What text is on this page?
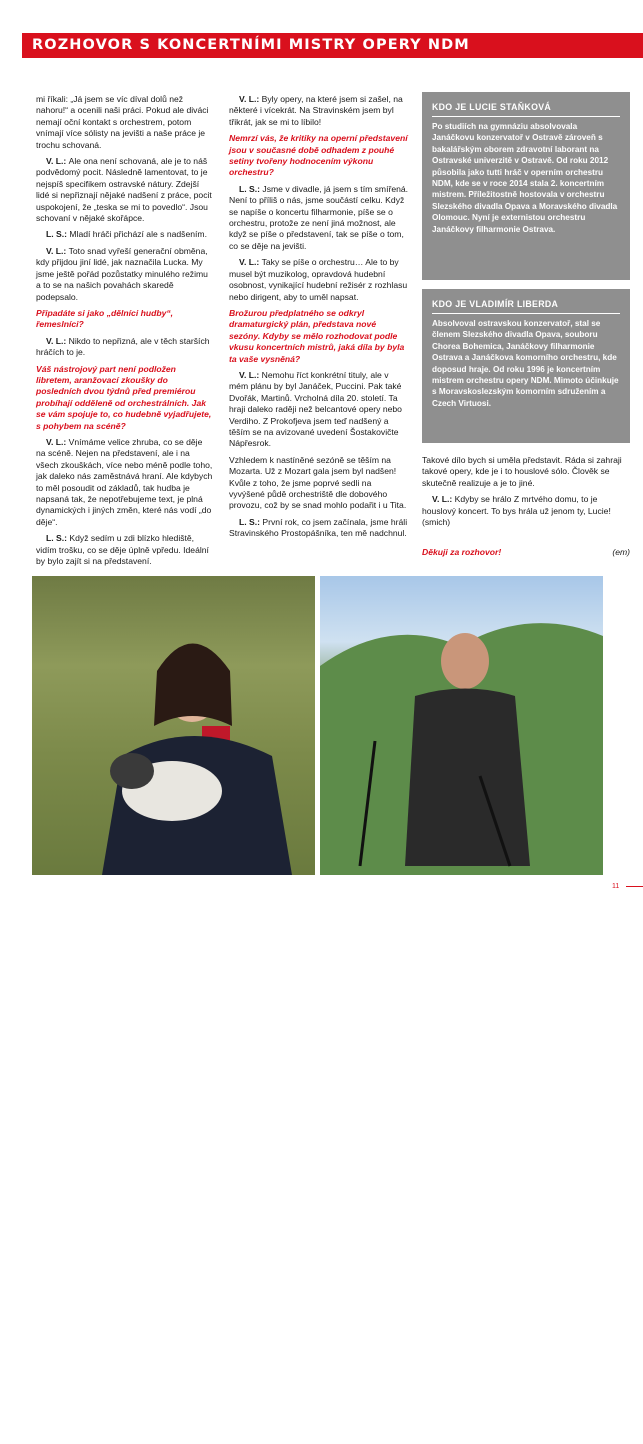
ROZHOVOR S KONCERTNÍMI MISTRY OPERY NDM

mi říkali: „Já jsem se víc díval dolů než nahoru!“ a ocenili naši práci. Pokud ale diváci nemají oční kontakt s orchestrem, potom vnímají více sólisty na jevišti a naše práce je trochu schovaná.

V. L.: Ale ona není schovaná, ale je to náš podvědomý pocit. Následně lamentovat, to je nejspíš specifikem ostravské nátury. Zdejší lidé si nepřiznají nějaké nadšení z práce, pocit uspokojení, že „teska se mi to povedlo“. Jsou schovaní v nějaké skořápce.

L. S.: Mladí hráči přichází ale s nadšením.

V. L.: Toto snad vyřeší generační obměna, kdy přijdou jiní lidé, jak naznačila Lucka. My jsme ještě pořád pozůstatky minulého režimu a to se na našich povahách skaredě podepsalo.

Připadáte si jako „dělníci hudby“, řemeslníci?

V. L.: Nikdo to nepřizná, ale v těch starších hráčích to je.

Váš nástrojový part není podložen libretem, aranžovací zkoušky do posledních dvou týdnů před premiérou probíhají odděleně od orchestrálních. Jak se vám spojuje to, co hudebně vyjadřujete, s pohybem na scéně?

V. L.: Vnímáme velice zhruba, co se děje na scéně. Nejen na představení, ale i na všech zkouškách, více nebo méně podle toho, jak daleko nás zaměstnává hraní. Ale kdybych to měl posoudit od základů, tak hudba je napsaná tak, že nepotřebujeme text, je plná dynamických i jiných změn, které nás vodí „do děje“.

L. S.: Když sedím u zdi blízko hlediště, vidím trošku, co se děje úplně vpředu. Ideální by bylo zajít si na představení.

V. L.: Byly opery, na které jsem si zašel, na některé i vícekrát. Na Stravinském jsem byl třikrát, jak se mi to líbilo!

Nemrzí vás, že kritiky na operní představení jsou v současné době odhadem z pouhé setiny tvořeny hodnocením výkonu orchestru?

L. S.: Jsme v divadle, já jsem s tím smířená. Není to příliš o nás, jsme součástí celku. Když se napíše o koncertu filharmonie, píše se o orchestru, protože ze není jiná možnost, ale když se píše o představení, tak se píše o tom, co se děje na jevišti.

V. L.: Taky se píše o orchestru… Ale to by musel být muzikolog, opravdová hudební osobnost, vynikající hudební režisér z rozhlasu nebo dirigent, aby to uměl napsat.

Brožurou předplatného se odkryl dramaturgický plán, představa nové sezóny. Kdyby se mělo rozhodovat podle vkusu koncertních mistrů, jaká díla by byla ta vaše vysněná?

V. L.: Nemohu říct konkrétní tituly, ale v mém plánu by byl Janáček, Puccini. Pak také Dvořák, Martinů. Vrcholná díla 20. století. Ta hraji daleko raději než belcantové opery nebo Verdiho. Z Prokofjeva jsem teď nadšený a těším se na avizované uvedení Šostakovičte Nápřesrok.

Vzhledem k nastíněné sezóně se těším na Mozarta. Už z Mozart gala jsem byl nadšen! Kvůle z toho, že jsme poprvé sedli na vyvýšené půdě orchestriště dle dobového provozu, což by se snad mohlo podařit i u Tita.

L. S.: První rok, co jsem začínala, jsme hráli Stravinského Prostopášníka, ten mě nadchnul.

KDO JE LUCIE STAŇKOVÁ
Po studiích na gymnáziu absolvovala Janáčkovu konzervatoř v Ostravě zároveň s bakalářským oborem zdravotní laborant na Ostravské univerzitě v Ostravě. Od roku 2012 působila jako tutti hráč v operním orchestru NDM, kde se v roce 2014 stala 2. koncertním mistrem. Příležitostně hostovala v orchestru Slezského divadla Opava a Moravského divadla Olomouc. Nyní je externistou orchestru Janáčkovy filharmonie Ostrava.
KDO JE VLADIMÍR LIBERDA
Absolvoval ostravskou konzervatoř, stal se členem Slezského divadla Opava, souboru Chorea Bohemica, Janáčkovy filharmonie Ostrava a Janáčkova komorního orchestru, kde doposud hraje. Od roku 1996 je koncertním mistrem orchestru opery NDM. Mimoto účinkuje s Moravskoslezským komorním sdružením a Czech Virtuosi.

Takové dílo bych si uměla představit. Ráda si zahraji takové opery, kde je i to houslové sólo. Člověk se skutečně realizuje a je to jiné.

V. L.: Kdyby se hrálo Z mrtvého domu, to je houslový koncert. To bys hrála už jenom ty, Lucie! (smich)

Děkuji za rozhovor!	(em)
Lucie Staňková a Vladimír Liberda	Foto archiv koncertních mistrů
11
